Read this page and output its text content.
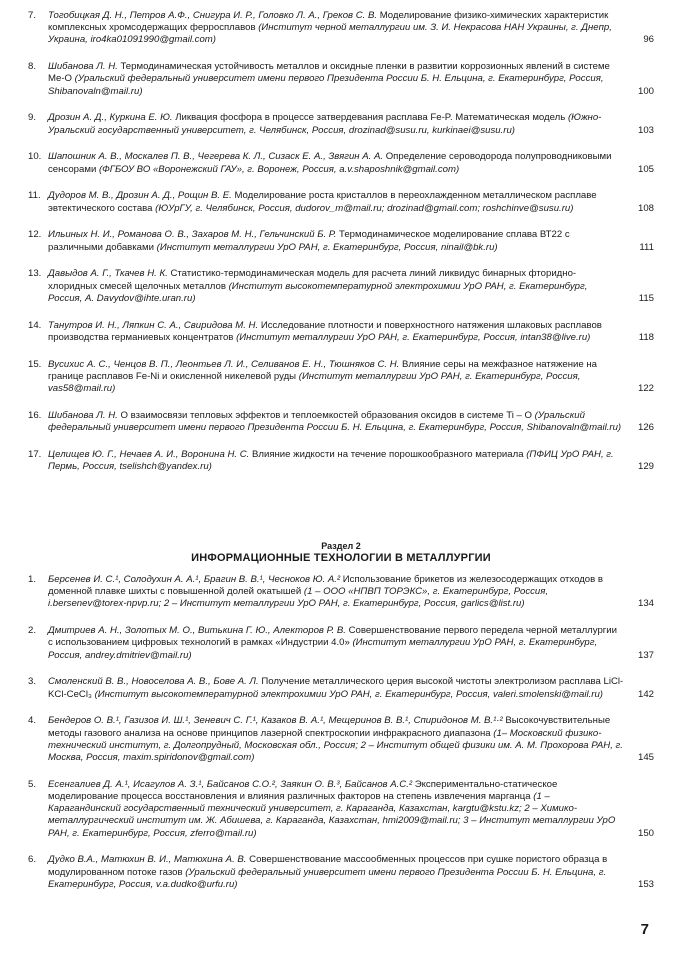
7.	Тогобицкая Д. Н., Петров А.Ф., Снигура И. Р., Головко Л. А., Греков С. В. Моделирование физико-химических характеристик комплексных хромсодержащих ферросплавов (Институт черной металлургии им. З. И. Некрасова НАН Украины, г. Днепр, Украина, iro4ka01091990@gmail.com)	96
8.	Шибанова Л. Н. Термодинамическая устойчивость металлов и оксидные пленки в развитии коррозионных явлений в системе Me-O (Уральский федеральный университет имени первого Президента России Б. Н. Ельцина, г. Екатеринбург, Россия, Shibanovaln@mail.ru)	100
9.	Дрозин А. Д., Куркина Е. Ю. Ликвация фосфора в процессе затвердевания расплава Fe-P. Математическая модель (Южно-Уральский государственный университет, г. Челябинск, Россия, drozinad@susu.ru, kurkinaei@susu.ru)	103
10. Шапошник А. В., Москалев П. В., Чегерева К. Л., Сизаск Е. А., Звягин А. А. Определение сероводорода полупроводниковыми сенсорами (ФГБОУ ВО «Воронежский ГАУ», г. Воронеж, Россия, a.v.shaposhnik@gmail.com)	105
11. Дудоров М. В., Дрозин А. Д., Рощин В. Е. Моделирование роста кристаллов в переохлажденном металлическом расплаве эвтектического состава (ЮУрГУ, г. Челябинск, Россия, dudorov_m@mail.ru; drozinad@gmail.com; roshchinve@susu.ru)	108
12. Ильиных Н. И., Романова О. В., Захаров М. Н., Гельчинский Б. Р. Термодинамическое моделирование сплава ВТ22 с различными добавками (Институт металлургии УрО РАН, г. Екатеринбург, Россия, ninail@bk.ru)	111
13. Давыдов А. Г., Ткачев Н. К. Статистико-термодинамическая модель для расчета линий ликвидус бинарных фторидно-хлоридных смесей щелочных металлов (Институт высокотемпературной электрохимии УрО РАН, г. Екатеринбург, Россия, A. Davydov@ihte.uran.ru)	115
14. Танутров И. Н., Ляпкин С. А., Свиридова М. Н. Исследование плотности и поверхностного натяжения шлаковых расплавов производства германиевых концентратов (Институт металлургии УрО РАН, г. Екатеринбург, Россия, intan38@live.ru)	118
15. Вусихис А. С., Ченцов В. П., Леонтьев Л. И., Селиванов Е. Н., Тюшняков С. Н. Влияние серы на межфазное натяжение на границе расплавов Fe-Ni и окисленной никелевой руды (Институт металлургии УрО РАН, г. Екатеринбург, Россия, vas58@mail.ru)	122
16. Шибанова Л. Н. О взаимосвязи тепловых эффектов и теплоемкостей образования оксидов в системе Ti – O (Уральский федеральный университет имени первого Президента России Б. Н. Ельцина, г. Екатеринбург, Россия, Shibanovaln@mail.ru)	126
17. Целищев Ю. Г., Нечаев А. И., Воронина Н. С. Влияние жидкости на течение порошкообразного материала (ПФИЦ УрО РАН, г. Пермь, Россия, tselishch@yandex.ru)	129
Раздел 2
ИНФОРМАЦИОННЫЕ ТЕХНОЛОГИИ В МЕТАЛЛУРГИИ
1.	Берсенев И. С.¹, Солодухин А. А.¹, Брагин В. В.¹, Чесноков Ю. А.² Использование брикетов из железосодержащих отходов в доменной плавке шихты с повышенной долей окатышей (1 – ООО «НПВП ТОРЭКС», г. Екатеринбург, Россия, i.bersenev@torex-npvp.ru; 2 – Институт металлургии УрО РАН, г. Екатеринбург, Россия, garlics@list.ru)	134
2.	Дмитриев А. Н., Золотых М. О., Витькина Г. Ю., Алекторов Р. В. Совершенствование первого передела черной металлургии с использованием цифровых технологий в рамках «Индустрии 4.0» (Институт металлургии УрО РАН, г. Екатеринбург, Россия, andrey.dmitriev@mail.ru)	137
3.	Смоленский В. В., Новоселова А. В., Бове А. Л. Получение металлического церия высокой чистоты электролизом расплава LiCl-KCl-CeCl₃ (Институт высокотемпературной электрохимии УрО РАН, г. Екатеринбург, Россия, valeri.smolenski@mail.ru)	142
4.	Бендеров О. В.¹, Газизов И. Ш.¹, Зеневич С. Г.¹, Казаков В. А.¹, Мещеринов В. В.¹, Спиридонов М. В.¹·² Высокочувствительные методы газового анализа на основе принципов лазерной спектроскопии инфракрасного диапазона (1– Московский физико-технический институт, г. Долгопрудный, Московская обл., Россия; 2 – Институт общей физики им. А. М. Прохорова РАН, г. Москва, Россия, maxim.spiridonov@gmail.com)	145
5.	Есенгалиев Д. А.¹, Исагулов А. З.¹, Байсанов С.О.², Заякин О. В.³, Байсанов А.С.² Экспериментально-статическое моделирование процесса восстановления и влияния различных факторов на степень извлечения марганца (1 – Карагандинский государственный технический университет, г. Караганда, Казахстан, kargtu@kstu.kz; 2 – Химико-металлургический институт им. Ж. Абишева, г. Караганда, Казахстан, hmi2009@mail.ru; 3 – Институт металлургии УрО РАН, г. Екатеринбург, Россия, zferro@mail.ru)	150
6.	Дудко В.А., Матюхин В. И., Матюхина А. В. Совершенствование массообменных процессов при сушке пористого образца в модулированном потоке газов (Уральский федеральный университет имени первого Президента России Б. Н. Ельцина, г. Екатеринбург, Россия, v.a.dudko@urfu.ru)	153
7
